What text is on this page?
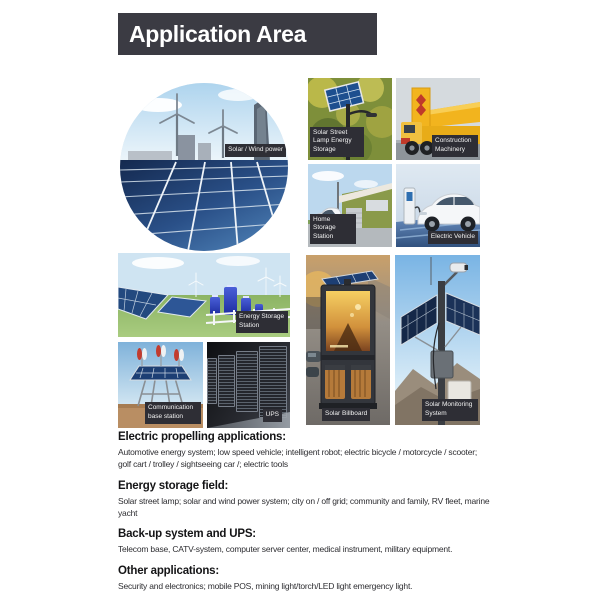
Application Area
Solar / Wind power
Solar Street Lamp Energy Storage
Construction Machinery
Home Storage Station	Electric Vehicle
Energy Storage Station
Communication base station	UPS	Solar Billboard
Solar Monitoring System
Electric propelling applications:

Automotive energy system; low speed vehicle; intelligent robot; electric bicycle / motorcycle / scooter; golf cart / trolley / sightseeing car /; electric tools

Energy storage field:

Solar street lamp; solar and wind power system; city on / off grid; community and family, RV fleet, marine yacht

Back-up system and UPS:

Telecom base, CATV-system, computer server center, medical instrument, military equipment.

Other applications:

Security and electronics; mobile POS, mining light/torch/LED light emergency light.
